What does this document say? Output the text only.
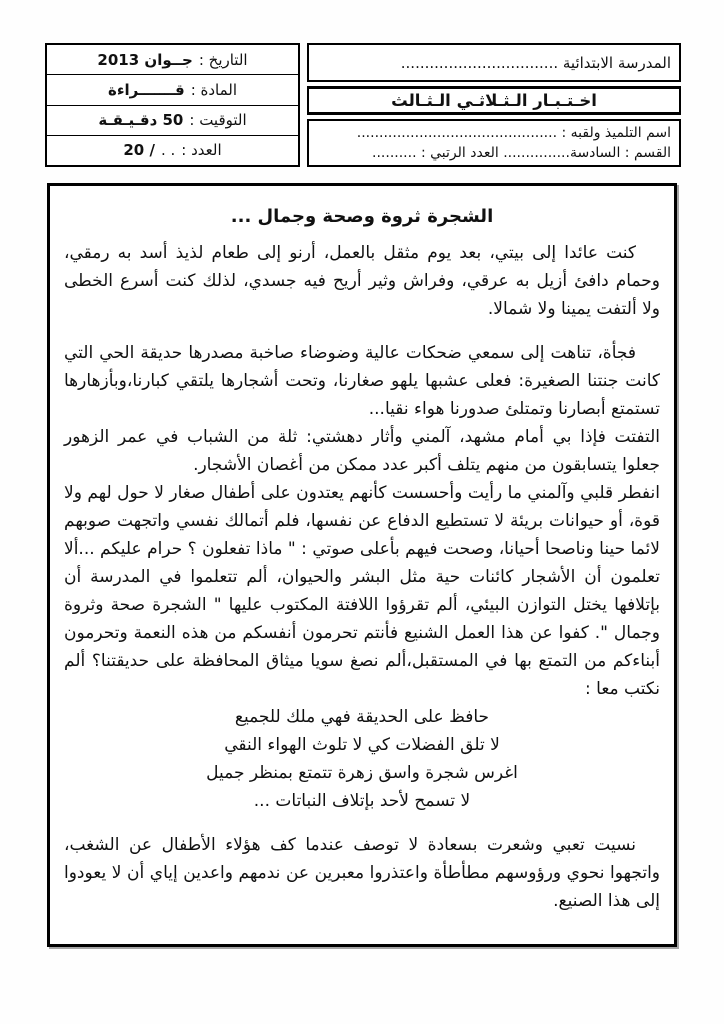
المدرسة الابتدائية .................................
اخـتـبـار الـثـلاثـي الـثـالث
اسم التلميذ ولقبه : .............................................
القسم : السادسة............... العدد الرتبي : ..........
التاريخ :
جــوان 2013
المادة :
قـــــــراءة
التوقيت :
50 دقـيـقـة
العدد :
. .
/ 20
الشجرة ثروة وصحة وجمال ...

كنت عائدا إلى بيتي، بعد يوم مثقل بالعمل، أرنو إلى طعام لذيذ أسد به رمقي، وحمام دافئ أزيل به عرقي، وفراش وثير أريح فيه جسدي، لذلك كنت أسرع الخطى ولا ألتفت يمينا ولا شمالا.

فجأة، تناهت إلى سمعي ضحكات عالية وضوضاء صاخبة مصدرها حديقة الحي التي كانت جنتنا الصغيرة: فعلى عشبها يلهو صغارنا، وتحت أشجارها يلتقي كبارنا،وبأزهارها تستمتع أبصارنا وتمتلئ صدورنا هواء نقيا...

التفتت فإذا بي أمام مشهد، آلمني وأثار دهشتي: ثلة من الشباب في عمر الزهور جعلوا يتسابقون من منهم يتلف أكبر عدد ممكن من أغصان الأشجار.

انفطر قلبي وآلمني ما رأيت وأحسست كأنهم يعتدون على أطفال صغار لا حول لهم ولا قوة، أو حيوانات بريئة لا تستطيع الدفاع عن نفسها، فلم أتمالك نفسي واتجهت صوبهم لائما حينا وناصحا أحيانا، وصحت فيهم بأعلى صوتي : " ماذا تفعلون ؟ حرام عليكم ...ألا تعلمون أن الأشجار كائنات حية مثل البشر والحيوان، ألم تتعلموا في المدرسة أن بإتلافها يختل التوازن البيئي، ألم تقرؤوا اللافتة المكتوب عليها " الشجرة صحة وثروة وجمال ". كفوا عن هذا العمل الشنيع فأنتم تحرمون أنفسكم من هذه النعمة وتحرمون أبناءكم من التمتع بها في المستقبل،ألم نصغ سويا ميثاق المحافظة على حديقتنا؟ ألم نكتب معا :

حافظ على الحديقة فهي ملك للجميع
لا تلق الفضلات كي لا تلوث الهواء النقي
اغرس شجرة واسق زهرة تتمتع بمنظر جميل
لا تسمح لأحد بإتلاف النباتات ...

نسيت تعبي وشعرت بسعادة لا توصف عندما كف هؤلاء الأطفال عن الشغب، واتجهوا نحوي ورؤوسهم مطأطأة واعتذروا معبرين عن ندمهم واعدين إياي أن لا يعودوا إلى هذا الصنيع.
